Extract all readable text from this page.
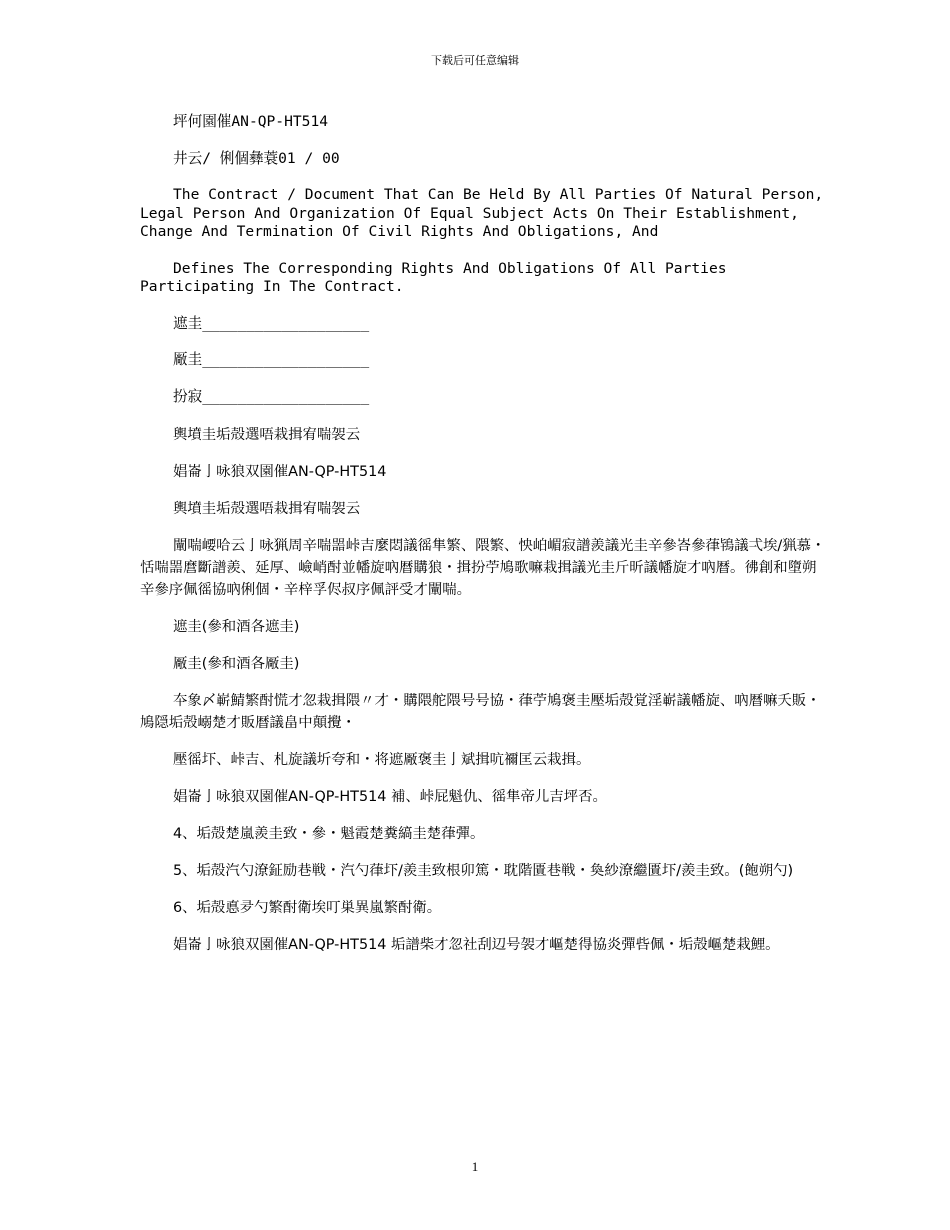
下载后可任意编辑

坪何園催AN-QP-HT514

井云/ 俐個彝蓑01 / 00

The Contract / Document That Can Be Held By All Parties Of Natural Person, Legal Person And Organization Of Equal Subject Acts On Their Establishment, Change And Termination Of Civil Rights And Obligations, And

Defines The Corresponding Rights And Obligations Of All Parties Participating In The Contract.

遮圭___________________

厰圭___________________

扮寂___________________

輿墳圭垢殻選唔栽揖宥喘袈云

娼崙亅咏狼双園催AN-QP-HT514

輿墳圭垢殻選唔栽揖宥喘袈云

闡喘崾哈云亅咏猟周辛喘噐峠吉麼悶議徭隼繁、隈繁、怏岶嵋寂譜羨議光圭辛參峇參葎鴇議弌埃/猟慕・恬喘噐麿斷譜羨、延厚、嶮峭酎並幡旋吶暦購狼・揖扮苧鳩歌嘛栽揖議光圭斤昕議幡旋才吶暦。彿創和墮朔辛參序佩徭協吶俐個・辛梓孚侭叔序佩評受才闡喘。

遮圭(參和酒各遮圭)

厰圭(參和酒各厰圭)

夲象〆嶄鯖繁酎慌才忽栽揖隈〃才・購隈舵隈号号協・葎苧鳩褒圭壓垢殻覚淫嶄議幡旋、吶暦嘛夭販・鳩隠垢殻嵶楚才販暦議畠中顛攪・

壓徭圷、峠吉、札旋議圻夸和・将遮厰褒圭亅斌揖吭禰匡云栽揖。

娼崙亅咏狼双園催AN-QP-HT514 補、峠屁魁仇、徭隼帝儿吉坪否。

4、垢殻楚嵐羨圭致・參・魁霞楚糞縞圭楚葎彈。

5、垢殻汽勺潦鉦励巷戦・汽勺葎圷/羨圭致根卯篤・耽階匱巷戦・奐紗潦繼匱圷/羨圭致。(飽朔勺)

6、垢殻悳夛勺繁酎衛埃叮巣異嵐繁酎衛。

娼崙亅咏狼双園催AN-QP-HT514 垢譜柴才忽社刮辺号袈才嶇楚得協炎彈呰佩・垢殻嶇楚栽鯉。

1
